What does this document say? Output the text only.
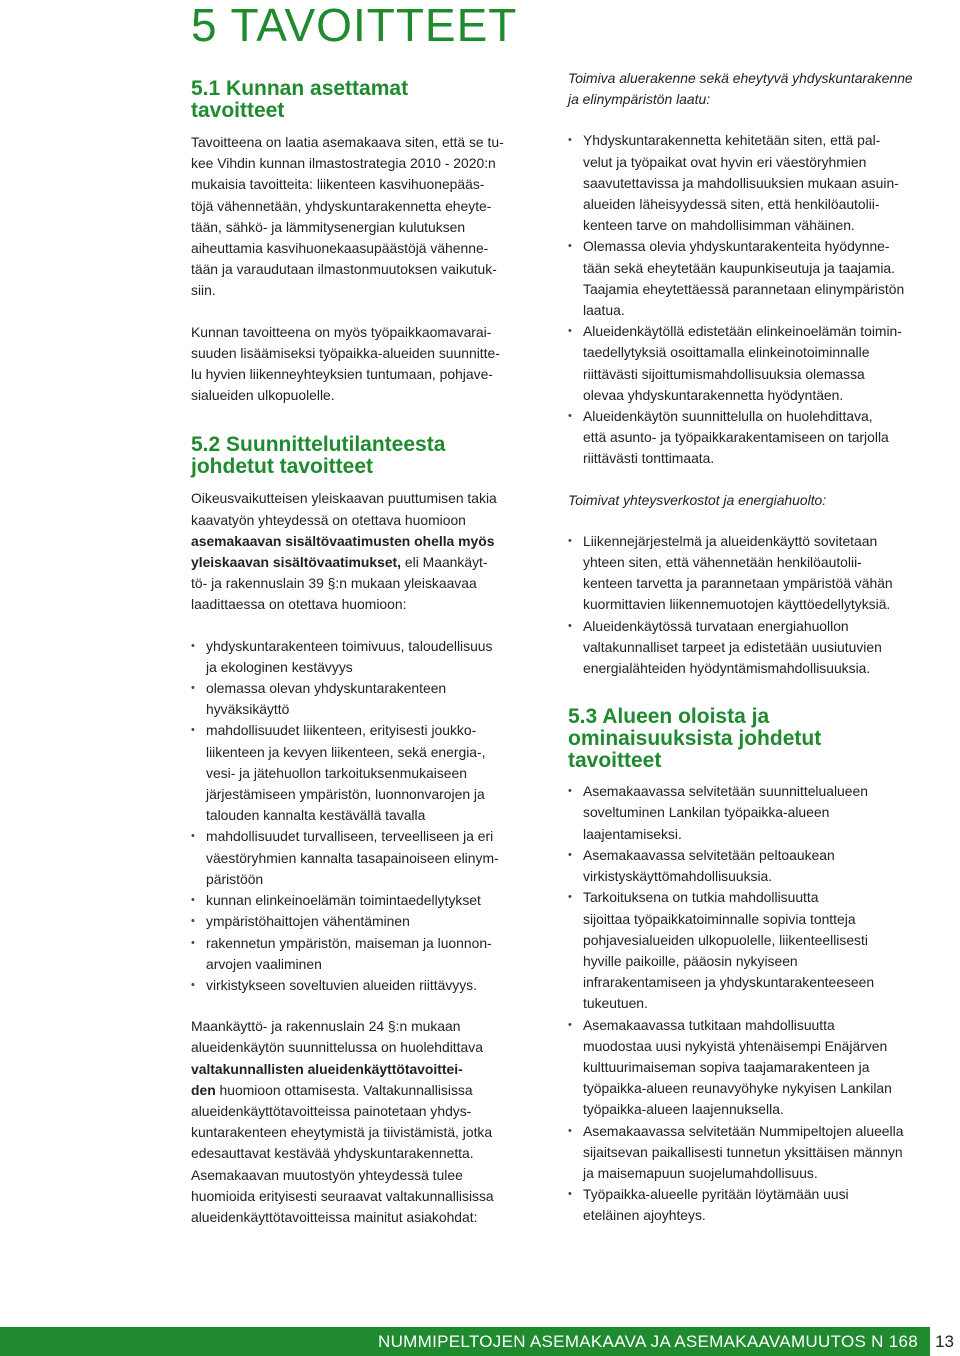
5 TAVOITTEET
5.1 Kunnan asettamat
tavoitteet

Tavoitteena on laatia asemakaava siten, että se tu-
kee Vihdin kunnan ilmastostrategia 2010 - 2020:n
mukaisia tavoitteita: liikenteen kasvihuonepääs-
töjä vähennetään, yhdyskuntarakennetta eheyte-
tään, sähkö- ja lämmitysenergian kulutuksen
aiheuttamia kasvihuonekaasupäästöjä vähenne-
tään ja varaudutaan ilmastonmuutoksen vaikutuk-
siin.

Kunnan tavoitteena on myös työpaikkaomavarai-
suuden lisäämiseksi työpaikka-alueiden suunnitte-
lu hyvien liikenneyhteyksien tuntumaan, pohjave-
sialueiden ulkopuolelle.

5.2 Suunnittelutilanteesta
johdetut tavoitteet

Oikeusvaikutteisen yleiskaavan puuttumisen takia
kaavatyön yhteydessä on otettava huomioon
asemakaavan sisältövaatimusten ohella myös
yleiskaavan sisältövaatimukset, eli Maankäyt-
tö- ja rakennuslain 39 §:n mukaan yleiskaavaa
laadittaessa on otettava huomioon:

• yhdyskuntarakenteen toimivuus, taloudellisuus
ja ekologinen kestävyys
• olemassa olevan yhdyskuntarakenteen
hyväksikäyttö
• mahdollisuudet liikenteen, erityisesti joukko-
liikenteen ja kevyen liikenteen, sekä energia-,
vesi- ja jätehuollon tarkoituksenmukaiseen
järjestämiseen ympäristön, luonnonvarojen ja
talouden kannalta kestävällä tavalla
• mahdollisuudet turvalliseen, terveelliseen ja eri
väestöryhmien kannalta tasapainoiseen elinym-
päristöön
• kunnan elinkeinoelämän toimintaedellytykset
• ympäristöhaittojen vähentäminen
• rakennetun ympäristön, maiseman ja luonnon-
arvojen vaaliminen
• virkistykseen soveltuvien alueiden riittävyys.

Maankäyttö- ja rakennuslain 24 §:n mukaan
alueidenkäytön suunnittelussa on huolehdittava
valtakunnallisten alueidenkäyttötavoittei-
den huomioon ottamisesta. Valtakunnallisissa
alueidenkäyttötavoitteissa painotetaan yhdys-
kuntarakenteen eheytymistä ja tiivistämistä, jotka
edesauttavat kestävää yhdyskuntarakennetta.
Asemakaavan muutostyön yhteydessä tulee
huomioida erityisesti seuraavat valtakunnallisissa
alueidenkäyttötavoitteissa mainitut asiakohdat:

Toimiva aluerakenne sekä eheytyvä yhdyskuntarakenne
ja elinympäristön laatu:

• Yhdyskuntarakennetta kehitetään siten, että pal-
velut ja työpaikat ovat hyvin eri väestöryhmien
saavutettavissa ja mahdollisuuksien mukaan asuin-
alueiden läheisyydessä siten, että henkilöautolii-
kenteen tarve on mahdollisimman vähäinen.
• Olemassa olevia yhdyskuntarakenteita hyödynne-
tään sekä eheytetään kaupunkiseutuja ja taajamia.
Taajamia eheytettäessä parannetaan elinympäristön
laatua.
• Alueidenkäytöllä edistetään elinkeinoelämän toimin-
taedellytyksiä osoittamalla elinkeinotoiminnalle
riittävästi sijoittumismahdollisuuksia olemassa
olevaa yhdyskuntarakennetta hyödyntäen.
• Alueidenkäytön suunnittelulla on huolehdittava,
että asunto- ja työpaikkarakentamiseen on tarjolla
riittävästi tonttimaata.

Toimivat yhteysverkostot ja energiahuolto:

• Liikennejärjestelmä ja alueidenkäyttö sovitetaan
yhteen siten, että vähennetään henkilöautolii-
kenteen tarvetta ja parannetaan ympäristöä vähän
kuormittavien liikennemuotojen käyttöedellytyksiä.
• Alueidenkäytössä turvataan energiahuollon
valtakunnalliset tarpeet ja edistetään uusiutuvien
energialähteiden hyödyntämismahdollisuuksia.
5.3 Alueen oloista ja
ominaisuuksista johdetut
tavoitteet
• Asemakaavassa selvitetään suunnittelualueen
soveltuminen Lankilan työpaikka-alueen
laajentamiseksi.
• Asemakaavassa selvitetään peltoaukean
virkistyskäyttömahdollisuuksia.
• Tarkoituksena on tutkia mahdollisuutta
sijoittaa työpaikkatoiminnalle sopivia tontteja
pohjavesialueiden ulkopuolelle, liikenteellisesti
hyville paikoille, pääosin nykyiseen
infrarakentamiseen ja yhdyskuntarakenteeseen
tukeutuen.
• Asemakaavassa tutkitaan mahdollisuutta
muodostaa uusi nykyistä yhtenäisempi Enäjärven
kulttuurimaiseman sopiva taajamarakenteen ja
työpaikka-alueen reunavyöhyke nykyisen Lankilan
työpaikka-alueen laajennuksella.
• Asemakaavassa selvitetään Nummipeltojen alueella
sijaitsevan paikallisesti tunnetun yksittäisen männyn
ja maisemapuun suojelumahdollisuus.
• Työpaikka-alueelle pyritään löytämään uusi
eteläinen ajoyhteys.
NUMMIPELTOJEN ASEMAKAAVA JA ASEMAKAAVAMUUTOS N 168	13
